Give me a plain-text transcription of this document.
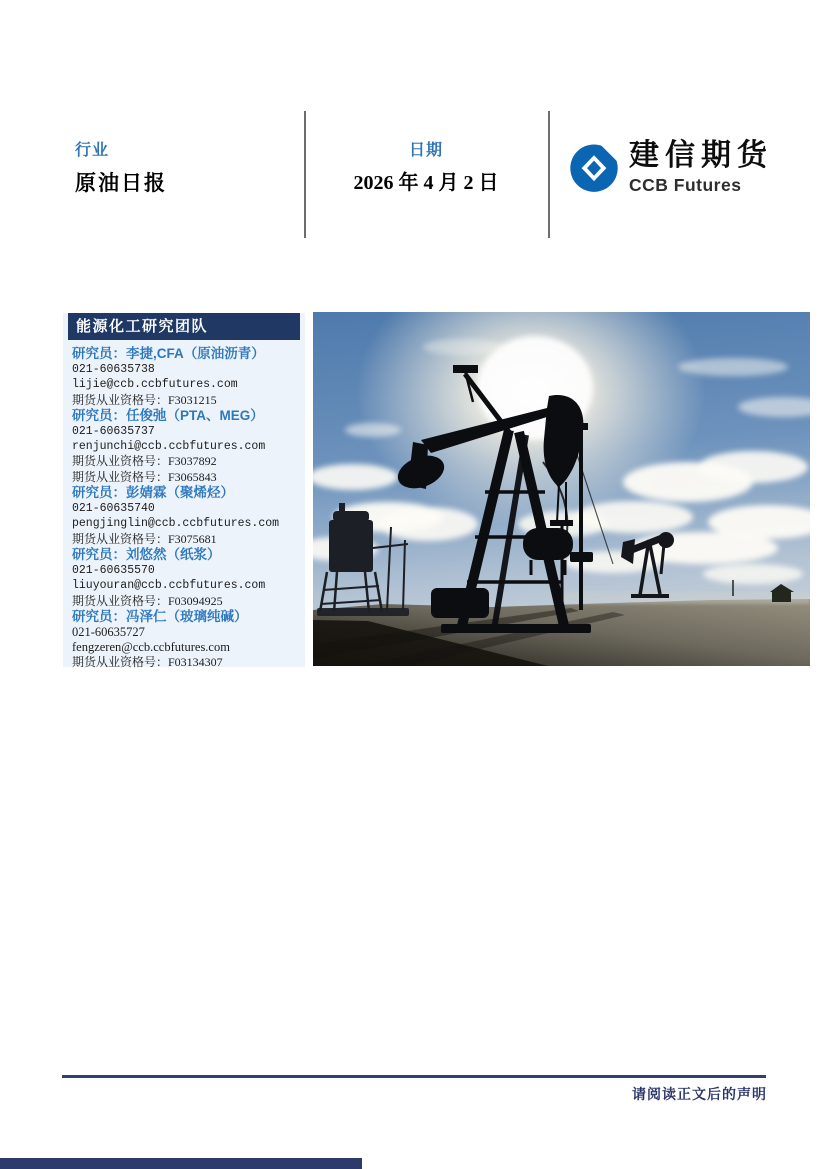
行业
原油日报
日期
2026 年 4 月 2 日
建信期货
CCB Futures
能源化工研究团队
研究员：李捷,CFA（原油沥青）
021-60635738
lijie@ccb.ccbfutures.com
期货从业资格号：F3031215
研究员：任俊弛（PTA、MEG）
021-60635737
renjunchi@ccb.ccbfutures.com
期货从业资格号：F3037892
期货从业资格号：F3065843
研究员：彭婧霖（聚烯烃）
021-60635740
pengjinglin@ccb.ccbfutures.com
期货从业资格号：F3075681
研究员：刘悠然（纸浆）
021-60635570
liuyouran@ccb.ccbfutures.com
期货从业资格号：F03094925
研究员：冯泽仁（玻璃纯碱）
021-60635727
fengzeren@ccb.ccbfutures.com
期货从业资格号：F03134307
请阅读正文后的声明
